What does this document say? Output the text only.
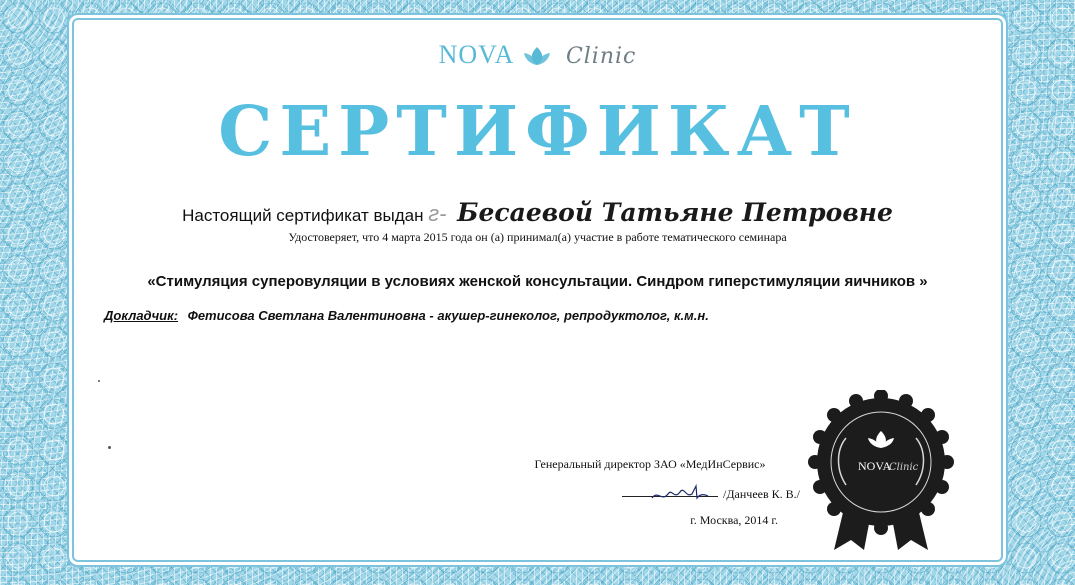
NOVA Clinic
СЕРТИФИКАТ
Настоящий сертификат выдан г- Бесаевой Татьяне Петровне
Удостоверяет, что 4 марта 2015 года он (а) принимал(а) участие в работе тематического семинара
«Стимуляция суперовуляции в условиях женской консультации. Синдром гиперстимуляции яичников »
Докладчик: Фетисова Светлана Валентиновна - акушер-гинеколог, репродуктолог, к.м.н.
Генеральный директор ЗАО «МедИнСервис»
/Данчеев К. В./
г. Москва, 2014 г.
NOVA
Clinic
